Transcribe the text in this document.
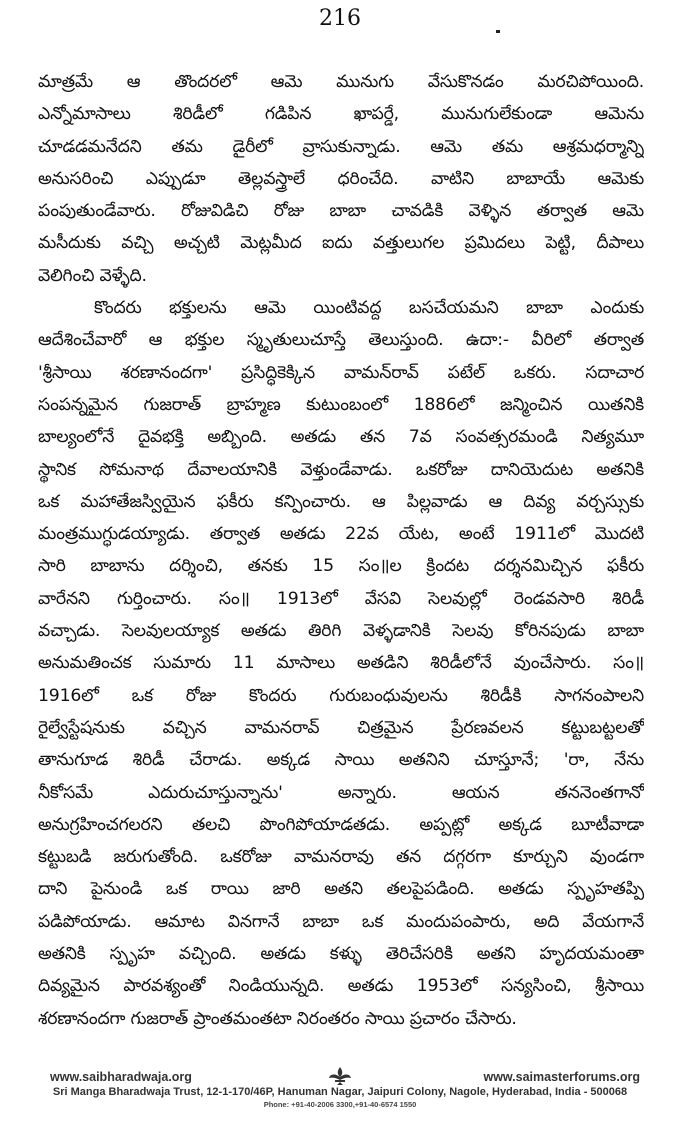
216

మాత్రమే ఆ తొందరలో ఆమె మునుగు వేసుకొనడం మరచిపోయింది.

ఎన్నోమాసాలు శిరిడీలో గడిపిన ఖాపర్డే, మునుగులేకుండా ఆమెను

చూడడమనేదని తమ డైరీలో వ్రాసుకున్నాడు. ఆమె తమ ఆశ్రమధర్మాన్ని

అనుసరించి ఎప్పుడూ తెల్లవస్త్రాలే ధరించేది. వాటిని బాబాయే ఆమెకు

పంపుతుండేవారు. రోజువిడిచి రోజు బాబా చావడికి వెళ్ళిన తర్వాత ఆమె

మసీదుకు వచ్చి అచ్చటి మెట్లమీద ఐదు వత్తులుగల ప్రమిదలు పెట్టి, దీపాలు

వెలిగించి వెళ్ళేది.

కొందరు భక్తులను ఆమె యింటివద్ద బసచేయమని బాబా ఎందుకు

ఆదేశించేవారో ఆ భక్తుల స్మృతులుచూస్తే తెలుస్తుంది. ఉదా:- వీరిలో తర్వాత

'శ్రీసాయి శరణానందగా' ప్రసిద్ధికెక్కిన వామన్‌రావ్ పటేల్ ఒకరు. సదాచార

సంపన్నమైన గుజరాత్ బ్రాహ్మణ కుటుంబంలో 1886లో జన్మించిన యితనికి

బాల్యంలోనే దైవభక్తి అబ్బింది. అతడు తన 7వ సంవత్సరమండి నిత్యమూ

స్థానిక సోమనాథ దేవాలయానికి వెళ్తుండేవాడు. ఒకరోజు దానియెదుట అతనికి

ఒక మహాతేజస్వియైన ఫకీరు కన్పించారు. ఆ పిల్లవాడు ఆ దివ్య వర్చస్సుకు

మంత్రముగ్ధుడయ్యాడు. తర్వాత అతడు 22వ యేట, అంటే 1911లో మొదటి

సారి బాబాను దర్శించి, తనకు 15 సం॥ల క్రిందట దర్శనమిచ్చిన ఫకీరు

వారేనని గుర్తించారు. సం॥ 1913లో వేసవి సెలవుల్లో రెండవసారి శిరిడీ

వచ్చాడు. సెలవులయ్యాక అతడు తిరిగి వెళ్ళడానికి సెలవు కోరినపుడు బాబా

అనుమతించక సుమారు 11 మాసాలు అతడిని శిరిడీలోనే వుంచేసారు. సం॥

1916లో ఒక రోజు కొందరు గురుబంధువులను శిరిడీకి సాగనంపాలని

రైల్వేస్టేషనుకు వచ్చిన వామనరావ్ చిత్రమైన ప్రేరణవలన కట్టుబట్టలతో

తానుగూడ శిరిడీ చేరాడు. అక్కడ సాయి అతనిని చూస్తూనే; 'రా, నేను

నీకోసమే ఎదురుచూస్తున్నాను' అన్నారు. ఆయన తననెంతగానో

అనుగ్రహించగలరని తలచి పొంగిపోయాడతడు. అప్పట్లో అక్కడ బూటీవాడా

కట్టుబడి జరుగుతోంది. ఒకరోజు వామనరావు తన దగ్గరగా కూర్చుని వుండగా

దాని పైనుండి ఒక రాయి జారి అతని తలపైపడింది. అతడు స్పృహతప్పి

పడిపోయాడు. ఆమాట వినగానే బాబా ఒక మందుపంపారు, అది వేయగానే

అతనికి స్పృహ వచ్చింది. అతడు కళ్ళు తెరిచేసరికి అతని హృదయమంతా

దివ్యమైన పారవశ్యంతో నిండియున్నది. అతడు 1953లో సన్యసించి, శ్రీసాయి

శరణానందగా గుజరాత్ ప్రాంతమంతటా నిరంతరం సాయి ప్రచారం చేసారు.

www.saibharadwaja.org	www.saimasterforums.org
Sri Manga Bharadwaja Trust, 12-1-170/46P, Hanuman Nagar, Jaipuri Colony, Nagole, Hyderabad, India - 500068
Phone: +91-40-2006 3300,+91-40-6574 1550
